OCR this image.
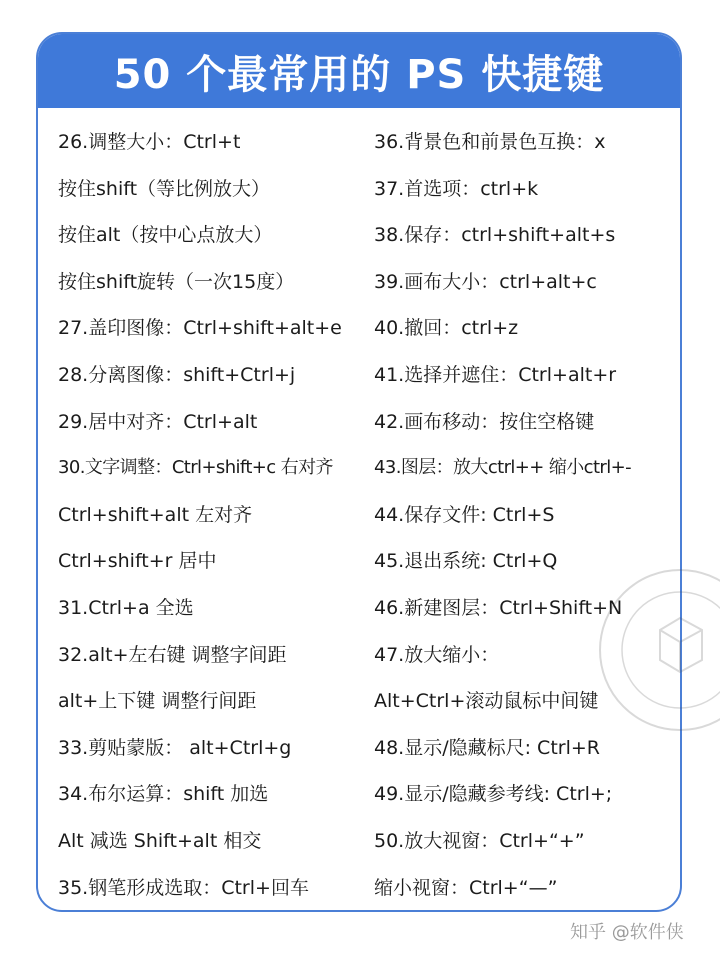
50 个最常用的 PS 快捷键
26.调整大小：Ctrl+t
按住shift（等比例放大）
按住alt（按中心点放大）
按住shift旋转（一次15度）
27.盖印图像：Ctrl+shift+alt+e
28.分离图像：shift+Ctrl+j
29.居中对齐：Ctrl+alt
30.文字调整：Ctrl+shift+c 右对齐
Ctrl+shift+alt 左对齐
Ctrl+shift+r 居中
31.Ctrl+a 全选
32.alt+左右键 调整字间距
alt+上下键 调整行间距
33.剪贴蒙版： alt+Ctrl+g
34.布尔运算：shift 加选
Alt 减选 Shift+alt 相交
35.钢笔形成选取：Ctrl+回车
36.背景色和前景色互换：x
37.首选项：ctrl+k
38.保存：ctrl+shift+alt+s
39.画布大小：ctrl+alt+c
40.撤回：ctrl+z
41.选择并遮住：Ctrl+alt+r
42.画布移动：按住空格键
43.图层：放大ctrl++ 缩小ctrl+-
44.保存文件: Ctrl+S
45.退出系统: Ctrl+Q
46.新建图层：Ctrl+Shift+N
47.放大缩小：
Alt+Ctrl+滚动鼠标中间键
48.显示/隐藏标尺: Ctrl+R
49.显示/隐藏参考线: Ctrl+;
50.放大视窗：Ctrl+“+”
缩小视窗：Ctrl+“—”
知乎 @软件侠
